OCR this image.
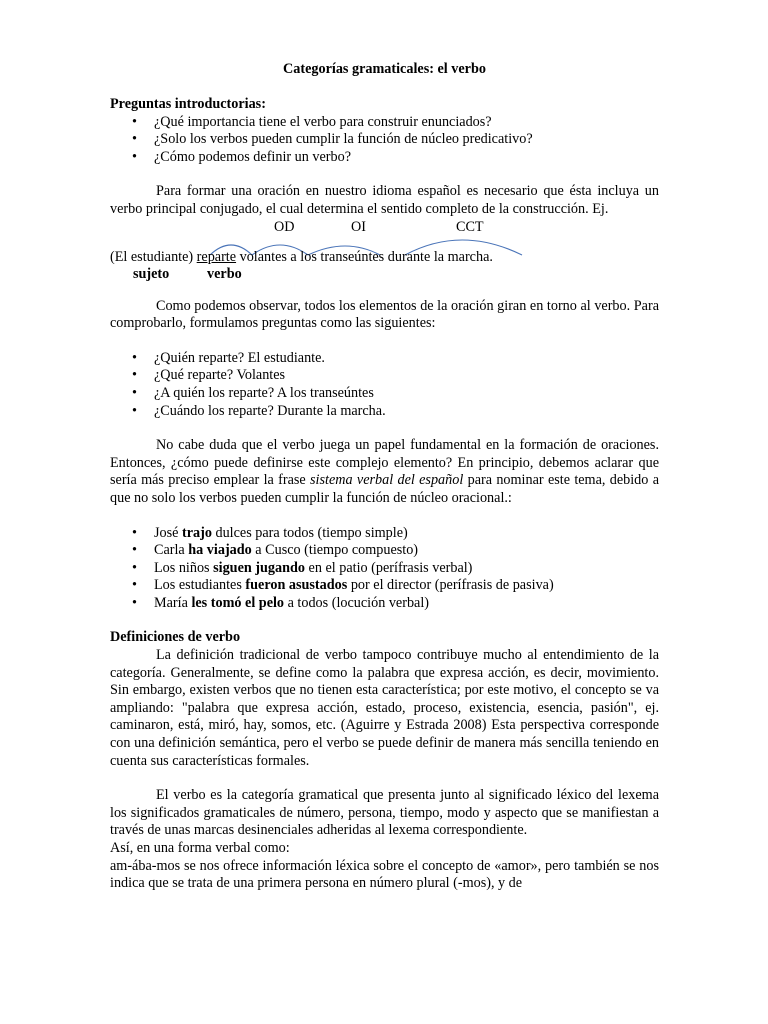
Categorías gramaticales: el verbo
Preguntas introductorias:
• ¿Qué importancia tiene el verbo para construir enunciados?
• ¿Solo los verbos pueden cumplir la función de núcleo predicativo?
• ¿Cómo podemos definir un verbo?

Para formar una oración en nuestro idioma español es necesario que ésta incluya un verbo principal conjugado, el cual determina el sentido completo de la construcción. Ej.

OD	OI	CCT
(El estudiante) reparte volantes a los transeúntes durante la marcha.
sujeto	verbo

Como podemos observar, todos los elementos de la oración giran en torno al verbo. Para comprobarlo, formulamos preguntas como las siguientes:

• ¿Quién reparte? El estudiante.
• ¿Qué reparte? Volantes
• ¿A quién los reparte? A los transeúntes
• ¿Cuándo los reparte? Durante la marcha.

No cabe duda que el verbo juega un papel fundamental en la formación de oraciones. Entonces, ¿cómo puede definirse este complejo elemento? En principio, debemos aclarar que sería más preciso emplear la frase sistema verbal del español para nominar este tema, debido a que no solo los verbos pueden cumplir la función de núcleo oracional.:

• José trajo dulces para todos (tiempo simple)
• Carla ha viajado a Cusco (tiempo compuesto)
• Los niños siguen jugando en el patio (perífrasis verbal)
• Los estudiantes fueron asustados por el director (perífrasis de pasiva)
• María les tomó el pelo a todos (locución verbal)
Definiciones de verbo

La definición tradicional de verbo tampoco contribuye mucho al entendimiento de la categoría. Generalmente, se define como la palabra que expresa acción, es decir, movimiento. Sin embargo, existen verbos que no tienen esta característica; por este motivo, el concepto se va ampliando: "palabra que expresa acción, estado, proceso, existencia, esencia, pasión", ej. caminaron, está, miró, hay, somos, etc. (Aguirre y Estrada 2008) Esta perspectiva corresponde con una definición semántica, pero el verbo se puede definir de manera más sencilla teniendo en cuenta sus características formales.

El verbo es la categoría gramatical que presenta junto al significado léxico del lexema los significados gramaticales de número, persona, tiempo, modo y aspecto que se manifiestan a través de unas marcas desinenciales adheridas al lexema correspondiente.

Así, en una forma verbal como:

am-ába-mos se nos ofrece información léxica sobre el concepto de «amor», pero también se nos indica que se trata de una primera persona en número plural (-mos), y de
